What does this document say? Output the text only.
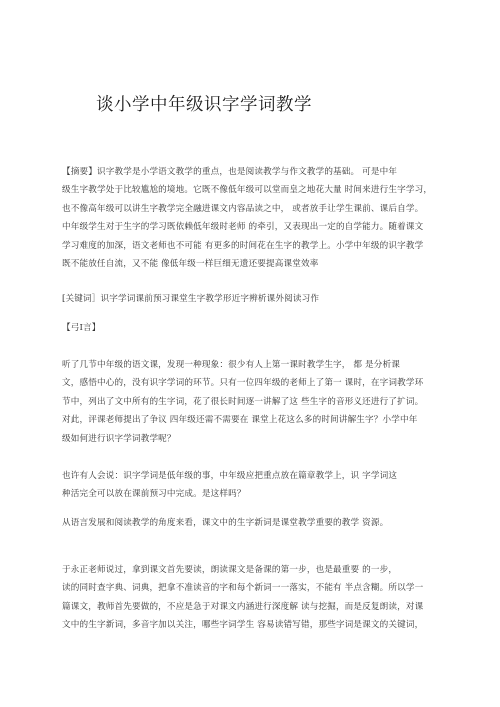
谈小学中年级识字学词教学
【摘要】识字教学是小学语文教学的重点，也是阅读教学与作文教学的基础。 可是中年
级生字教学处于比较尴尬的境地。它既不像低年级可以堂而皇之地花大量 时间来进行生字学习，
也不像高年级可以讲生字教学完全融进课文内容品读之中， 或者放手让学生课前、课后自学。
中年级学生对于生字的学习既依赖低年级时老师 的牵引，又表现出一定的自学能力。随着课文
学习难度的加深，语文老师也不可能 有更多的时间花在生字的教学上。小学中年级的识字教学
既不能放任自流，又不能 像低年级一样巨细无遗还要提高课堂效率
[关键词］识字学词课前预习课堂生字教学形近字辨析课外阅读习作
【弓I言】
听了几节中年级的语文课，发现一种现象：很少有人上第一课时教学生字， 都 是分析课
文，感悟中心的，没有识字学词的环节。只有一位四年级的老师上了第一 课时，在字词教学环
节中，列出了文中所有的生字词，花了很长时间逐一讲解了这 些生字的音形义还进行了扩词。
对此，评课老师提出了争议 四年级还需不需要在 课堂上花这么多的时间讲解生字？小学中年
级如何进行识字学词教学呢？
也许有人会说：识字学词是低年级的事，中年级应把重点放在篇章教学上，识 字学词这
种活完全可以放在课前预习中完成。是这样吗？
从语言发展和阅读教学的角度来看，课文中的生字新词是课堂教学重要的教学 资源。
于永正老师说过，拿到课文首先要读，朗读课文是备课的第一步，也是最重要 的一步，
读的同时查字典、词典，把拿不准读音的字和每个新词一一落实，不能有 半点含糊。所以学一
篇课文，教师首先要做的，不应是急于对课文内涵进行深度解 读与挖掘，而是反复朗读，对课
文中的生字新词，多音字加以关注，哪些字词学生 容易读错写错，那些字词是课文的关键词，
